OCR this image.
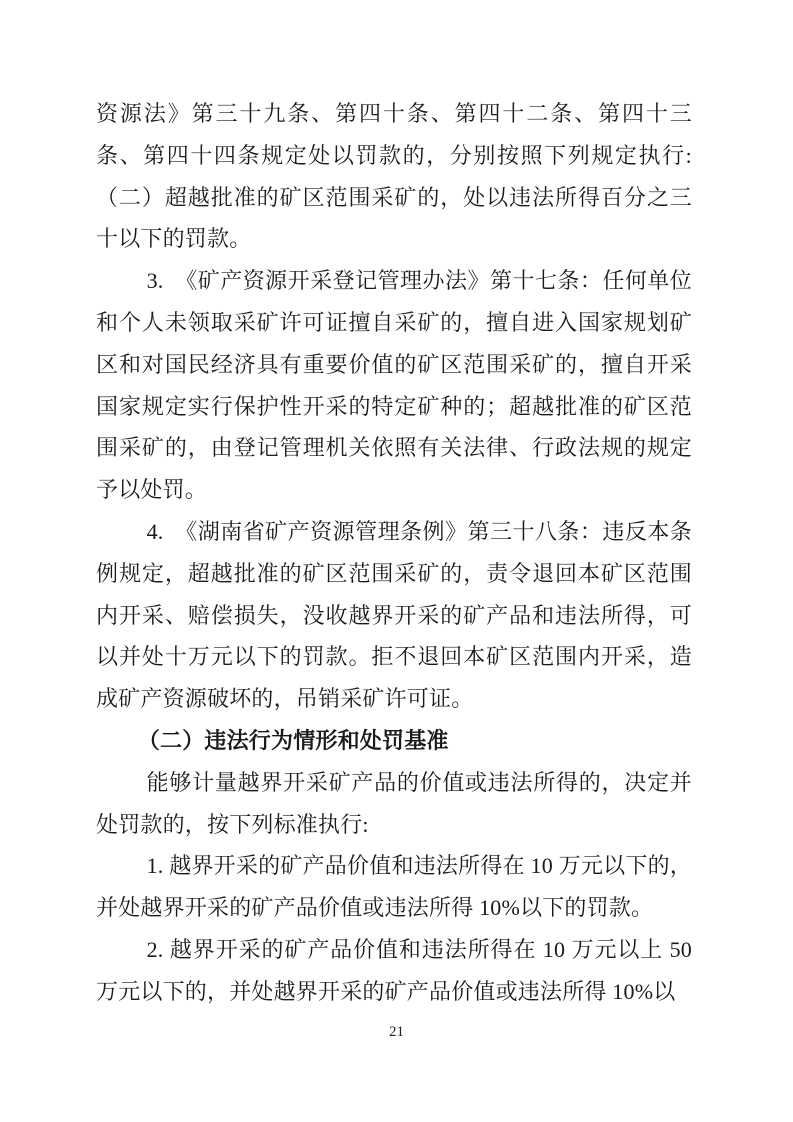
资源法》第三十九条、第四十条、第四十二条、第四十三条、第四十四条规定处以罚款的，分别按照下列规定执行:（二）超越批准的矿区范围采矿的，处以违法所得百分之三十以下的罚款。

3.　《矿产资源开采登记管理办法》第十七条：任何单位和个人未领取采矿许可证擅自采矿的，擅自进入国家规划矿区和对国民经济具有重要价值的矿区范围采矿的，擅自开采国家规定实行保护性开采的特定矿种的；超越批准的矿区范围采矿的，由登记管理机关依照有关法律、行政法规的规定予以处罚。

4.　《湖南省矿产资源管理条例》第三十八条：违反本条例规定，超越批准的矿区范围采矿的，责令退回本矿区范围内开采、赔偿损失，没收越界开采的矿产品和违法所得，可以并处十万元以下的罚款。拒不退回本矿区范围内开采，造成矿产资源破坏的，吊销采矿许可证。

（二）违法行为情形和处罚基准

能够计量越界开采矿产品的价值或违法所得的，决定并处罚款的，按下列标准执行:

1. 越界开采的矿产品价值和违法所得在 10 万元以下的，并处越界开采的矿产品价值或违法所得 10%以下的罚款。

2. 越界开采的矿产品价值和违法所得在 10 万元以上 50 万元以下的，并处越界开采的矿产品价值或违法所得 10%以

21
